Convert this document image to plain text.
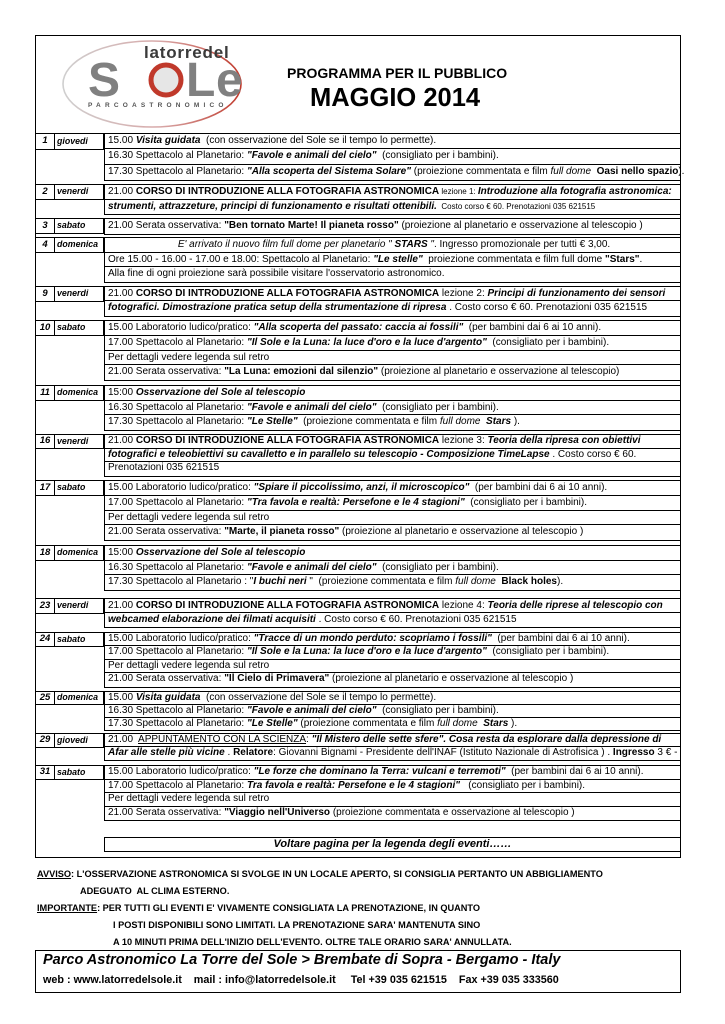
latorredel
S L e
PARCOASTRONOMICO
PROGRAMMA PER IL PUBBLICO
MAGGIO 2014
1	giovedi	15.00 Visita guidata  (con osservazione del Sole se il tempo lo permette).
16.30 Spettacolo al Planetario: "Favole e animali del cielo"  (consigliato per i bambini).
17.30 Spettacolo al Planetario: "Alla scoperta del Sistema Solare" (proiezione commentata e film full dome  Oasi nello spazio).
2	venerdi	21.00 CORSO DI INTRODUZIONE ALLA FOTOGRAFIA ASTRONOMICA lezione 1: Introduzione alla fotografia astronomica:
strumenti, attrazzeture, principi di funzionamento e risultati ottenibili.  Costo corso € 60. Prenotazioni 035 621515
3	sabato	21.00 Serata osservativa: "Ben tornato Marte! Il pianeta rosso" (proiezione al planetario e osservazione al telescopio )
4	domenica	E' arrivato il nuovo film full dome per planetario " STARS ". Ingresso promozionale per tutti € 3,00.
Ore 15.00 - 16.00 - 17.00 e 18.00: Spettacolo al Planetario: "Le stelle"  proiezione commentata e film full dome "Stars".
Alla fine di ogni proiezione sarà possibile visitare l'osservatorio astronomico.
9	venerdi	21.00 CORSO DI INTRODUZIONE ALLA FOTOGRAFIA ASTRONOMICA lezione 2: Principi di funzionamento dei sensori
fotografici. Dimostrazione pratica setup della strumentazione di ripresa . Costo corso € 60. Prenotazioni 035 621515
10 sabato	15.00 Laboratorio ludico/pratico: "Alla scoperta del passato: caccia ai fossili"  (per bambini dai 6 ai 10 anni).
17.00 Spettacolo al Planetario: "Il Sole e la Luna: la luce d'oro e la luce d'argento"  (consigliato per i bambini).
Per dettagli vedere legenda sul retro
21.00 Serata osservativa: "La Luna: emozioni dal silenzio" (proiezione al planetario e osservazione al telescopio)
11 domenica 15:00 Osservazione del Sole al telescopio
16.30 Spettacolo al Planetario: "Favole e animali del cielo"  (consigliato per i bambini).
17.30 Spettacolo al Planetario: "Le Stelle"  (proiezione commentata e film full dome  Stars ).
16 venerdi	21.00 CORSO DI INTRODUZIONE ALLA FOTOGRAFIA ASTRONOMICA lezione 3: Teoria della ripresa con obiettivi
fotografici e teleobiettivi su cavalletto e in parallelo su telescopio - Composizione TimeLapse . Costo corso € 60.
Prenotazioni 035 621515
17 sabato	15.00 Laboratorio ludico/pratico: "Spiare il piccolissimo, anzi, il microscopico"  (per bambini dai 6 ai 10 anni).
17.00 Spettacolo al Planetario: "Tra favola e realtà: Persefone e le 4 stagioni"  (consigliato per i bambini).
Per dettagli vedere legenda sul retro
21.00 Serata osservativa: "Marte, il pianeta rosso" (proiezione al planetario e osservazione al telescopio )
18 domenica 15:00 Osservazione del Sole al telescopio
16.30 Spettacolo al Planetario: "Favole e animali del cielo"  (consigliato per i bambini).
17.30 Spettacolo al Planetario : "I buchi neri "  (proiezione commentata e film full dome  Black holes).
23 venerdi	21.00 CORSO DI INTRODUZIONE ALLA FOTOGRAFIA ASTRONOMICA lezione 4: Teoria delle riprese al telescopio con
webcamed elaborazione dei filmati acquisiti . Costo corso € 60. Prenotazioni 035 621515
24 sabato	15.00 Laboratorio ludico/pratico: "Tracce di un mondo perduto: scopriamo i fossili"  (per bambini dai 6 ai 10 anni).
17.00 Spettacolo al Planetario: "Il Sole e la Luna: la luce d'oro e la luce d'argento"  (consigliato per i bambini).
Per dettagli vedere legenda sul retro
21.00 Serata osservativa: "Il Cielo di Primavera" (proiezione al planetario e osservazione al telescopio )
25 domenica 15.00 Visita guidata  (con osservazione del Sole se il tempo lo permette).
16.30 Spettacolo al Planetario: "Favole e animali del cielo"  (consigliato per i bambini).
17.30 Spettacolo al Planetario: "Le Stelle" (proiezione commentata e film full dome  Stars ).
29 giovedi	21.00  APPUNTAMENTO CON LA SCIENZA: "Il Mistero delle sette sfere". Cosa resta da esplorare dalla depressione di
Afar alle stelle più vicine . Relatore: Giovanni Bignami - Presidente dell'INAF (Istituto Nazionale di Astrofisica ) . Ingresso 3 € -
31 sabato	15.00 Laboratorio ludico/pratico: "Le forze che dominano la Terra: vulcani e terremoti"  (per bambini dai 6 ai 10 anni).
17.00 Spettacolo al Planetario: Tra favola e realtà: Persefone e le 4 stagioni"   (consigliato per i bambini).
Per dettagli vedere legenda sul retro
21.00 Serata osservativa: "Viaggio nell'Universo (proiezione commentata e osservazione al telescopio )
Voltare pagina per la legenda degli eventi……
AVVISO: L'OSSERVAZIONE ASTRONOMICA SI SVOLGE IN UN LOCALE APERTO, SI CONSIGLIA PERTANTO UN ABBIGLIAMENTO
ADEGUATO  AL CLIMA ESTERNO.
IMPORTANTE: PER TUTTI GLI EVENTI E' VIVAMENTE CONSIGLIATA LA PRENOTAZIONE, IN QUANTO
I POSTI DISPONIBILI SONO LIMITATI. LA PRENOTAZIONE SARA' MANTENUTA SINO
A 10 MINUTI PRIMA DELL'INIZIO DELL'EVENTO. OLTRE TALE ORARIO SARA' ANNULLATA.
Parco Astronomico La Torre del Sole > Brembate di Sopra - Bergamo - Italy
web : www.latorredelsole.it    mail : info@latorredelsole.it     Tel +39 035 621515    Fax +39 035 333560
